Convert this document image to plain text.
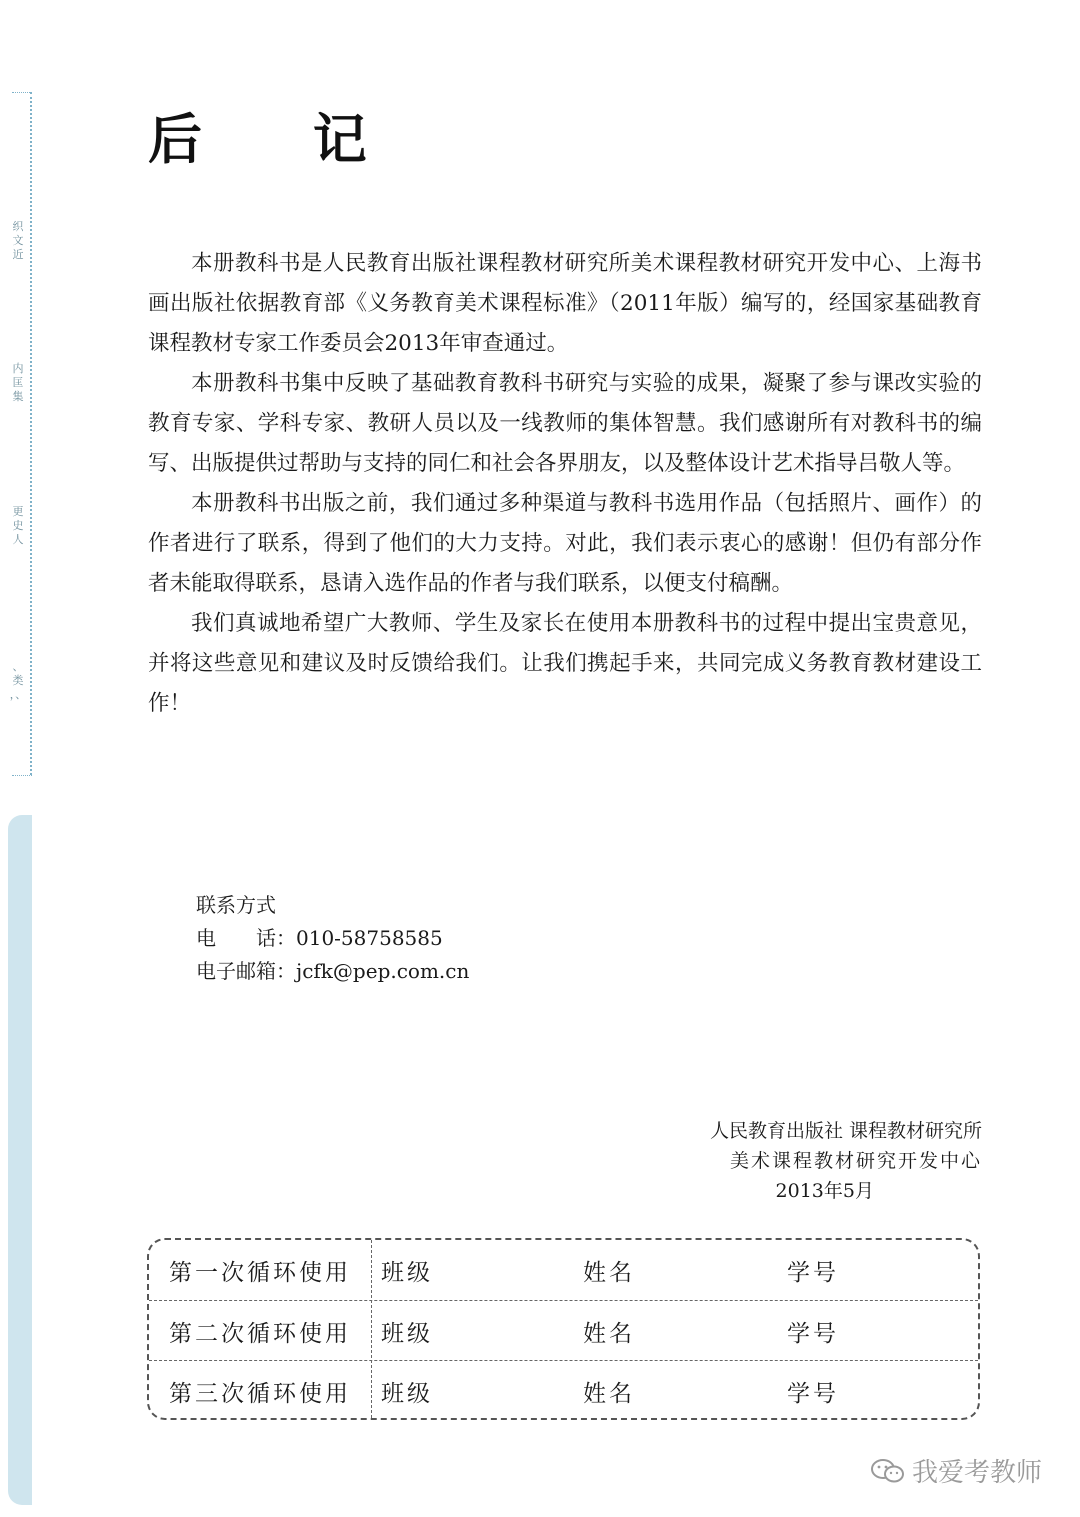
织 文 近
内 匡 集
更 史 人
、 类 ，、
后 记

本册教科书是人民教育出版社课程教材研究所美术课程教材研究开发中心、上海书画出版社依据教育部《义务教育美术课程标准》（2011年版）编写的，经国家基础教育课程教材专家工作委员会2013年审查通过。

本册教科书集中反映了基础教育教科书研究与实验的成果，凝聚了参与课改实验的教育专家、学科专家、教研人员以及一线教师的集体智慧。我们感谢所有对教科书的编写、出版提供过帮助与支持的同仁和社会各界朋友，以及整体设计艺术指导吕敬人等。

本册教科书出版之前，我们通过多种渠道与教科书选用作品（包括照片、画作）的作者进行了联系，得到了他们的大力支持。对此，我们表示衷心的感谢！但仍有部分作者未能取得联系，恳请入选作品的作者与我们联系，以便支付稿酬。

我们真诚地希望广大教师、学生及家长在使用本册教科书的过程中提出宝贵意见，并将这些意见和建议及时反馈给我们。让我们携起手来，共同完成义务教育教材建设工作！

联系方式
电　　话：010-58758585
电子邮箱：jcfk@pep.com.cn
人民教育出版社 课程教材研究所
美术课程教材研究开发中心
2013年5月
第一次循环使用 班级	姓名	学号
第二次循环使用 班级	姓名	学号
第三次循环使用 班级	姓名	学号
我爱考教师
